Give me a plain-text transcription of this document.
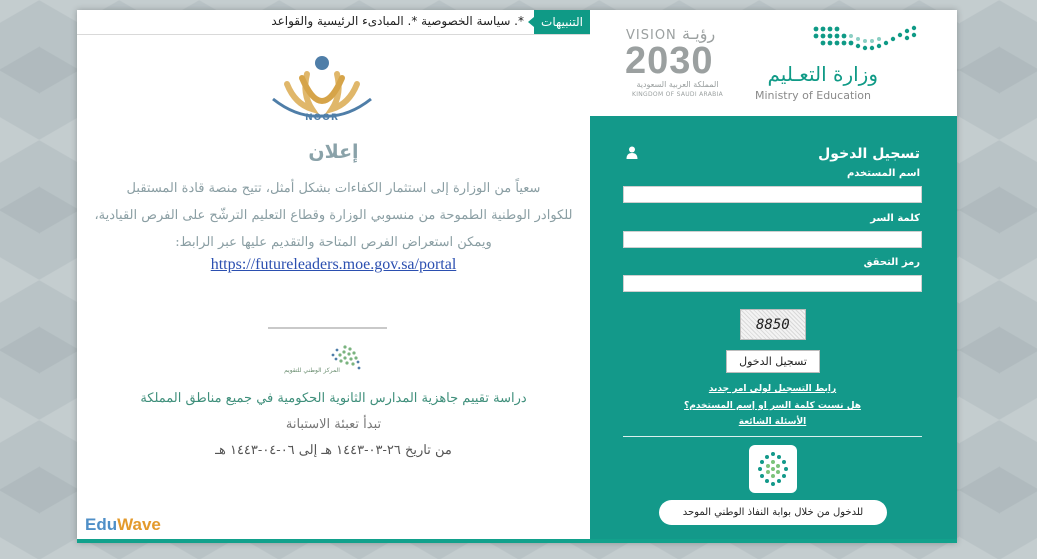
*. سياسة الخصوصية *. المبادىء الرئيسية والقواعد	التنبيهات
NOOR
إعلان
سعياً من الوزارة إلى استثمار الكفاءات بشكل أمثل، تتيح منصة قادة المستقبل
للكوادر الوطنية الطموحة من منسوبي الوزارة وقطاع التعليم الترشّح على الفرص القيادية،
ويمكن استعراض الفرص المتاحة والتقديم عليها عبر الرابط:
https://futureleaders.moe.gov.sa/portal
المركز الوطني للتقويم
دراسة تقييم جاهزية المدارس الثانوية الحكومية في جميع مناطق المملكة
تبدأ تعبئة الاستبانة
من تاريخ ٢٦-٠٣-١٤٤٣ هـ إلى ٠٦-٠٤-١٤٤٣ هـ
EduWave
VISION رؤيـة
2030
المملكة العربية السعودية
KINGDOM OF SAUDI ARABIA
وزارة التعـليم
Ministry of Education
تسجيل الدخول
اسم المستخدم
كلمة السر
رمز التحقق
8850
تسجيل الدخول
رابط التسجيل لولي امر جديد
هل نسيت كلمة السر او إسم المستخدم؟
الأسئلة الشائعة
للدخول من خلال بوابة النفاذ الوطني الموحد
